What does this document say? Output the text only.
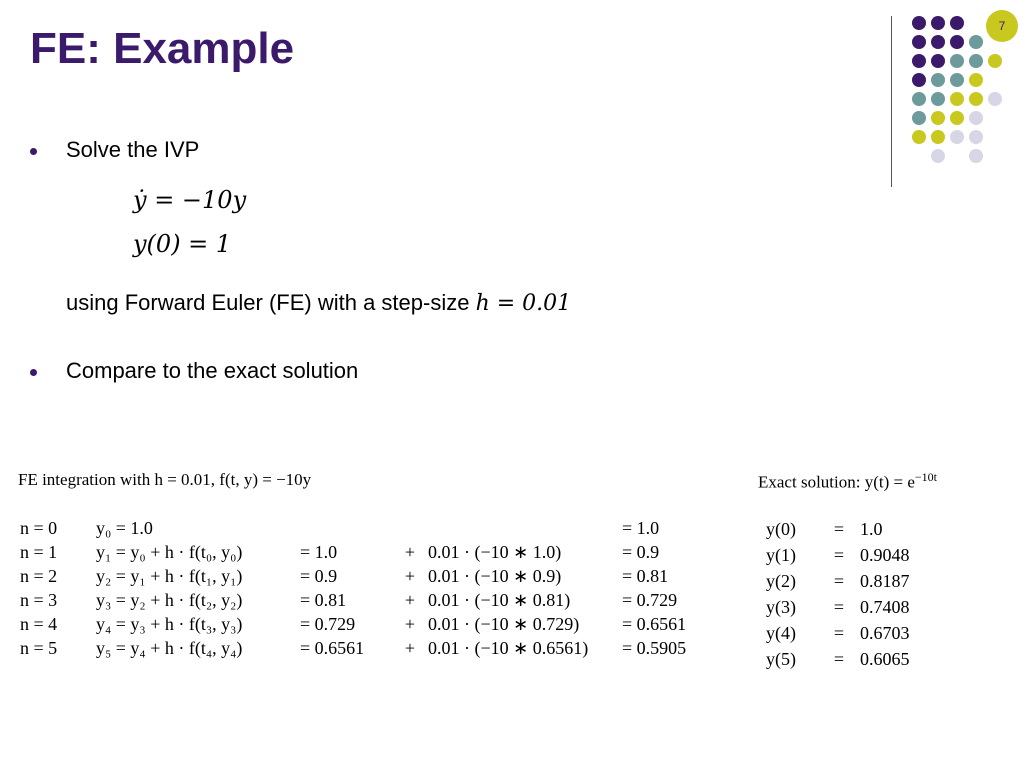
FE: Example	7
Solve the IVP
ẏ = −10y
y(0) = 1
using Forward Euler (FE) with a step-size h = 0.01
Compare to the exact solution
FE integration with h = 0.01, f(t, y) = −10y
n = 0	y₀ = 1.0				= 1.0
n = 1	y₁ = y₀ + h · f(t₀, y₀)	= 1.0	+	0.01 · (−10 ∗ 1.0)	= 0.9
n = 2	y₂ = y₁ + h · f(t₁, y₁)	= 0.9	+	0.01 · (−10 ∗ 0.9)	= 0.81
n = 3	y₃ = y₂ + h · f(t₂, y₂)	= 0.81	+	0.01 · (−10 ∗ 0.81)	= 0.729
n = 4	y₄ = y₃ + h · f(t₃, y₃)	= 0.729	+	0.01 · (−10 ∗ 0.729)	= 0.6561
n = 5	y₅ = y₄ + h · f(t₄, y₄)	= 0.6561	+	0.01 · (−10 ∗ 0.6561)	= 0.5905
Exact solution: $y(t) = e^{-10t}$
y(0)	=	1.0
y(1)	=	0.9048
y(2)	=	0.8187
y(3)	=	0.7408
y(4)	=	0.6703
y(5)	=	0.6065
